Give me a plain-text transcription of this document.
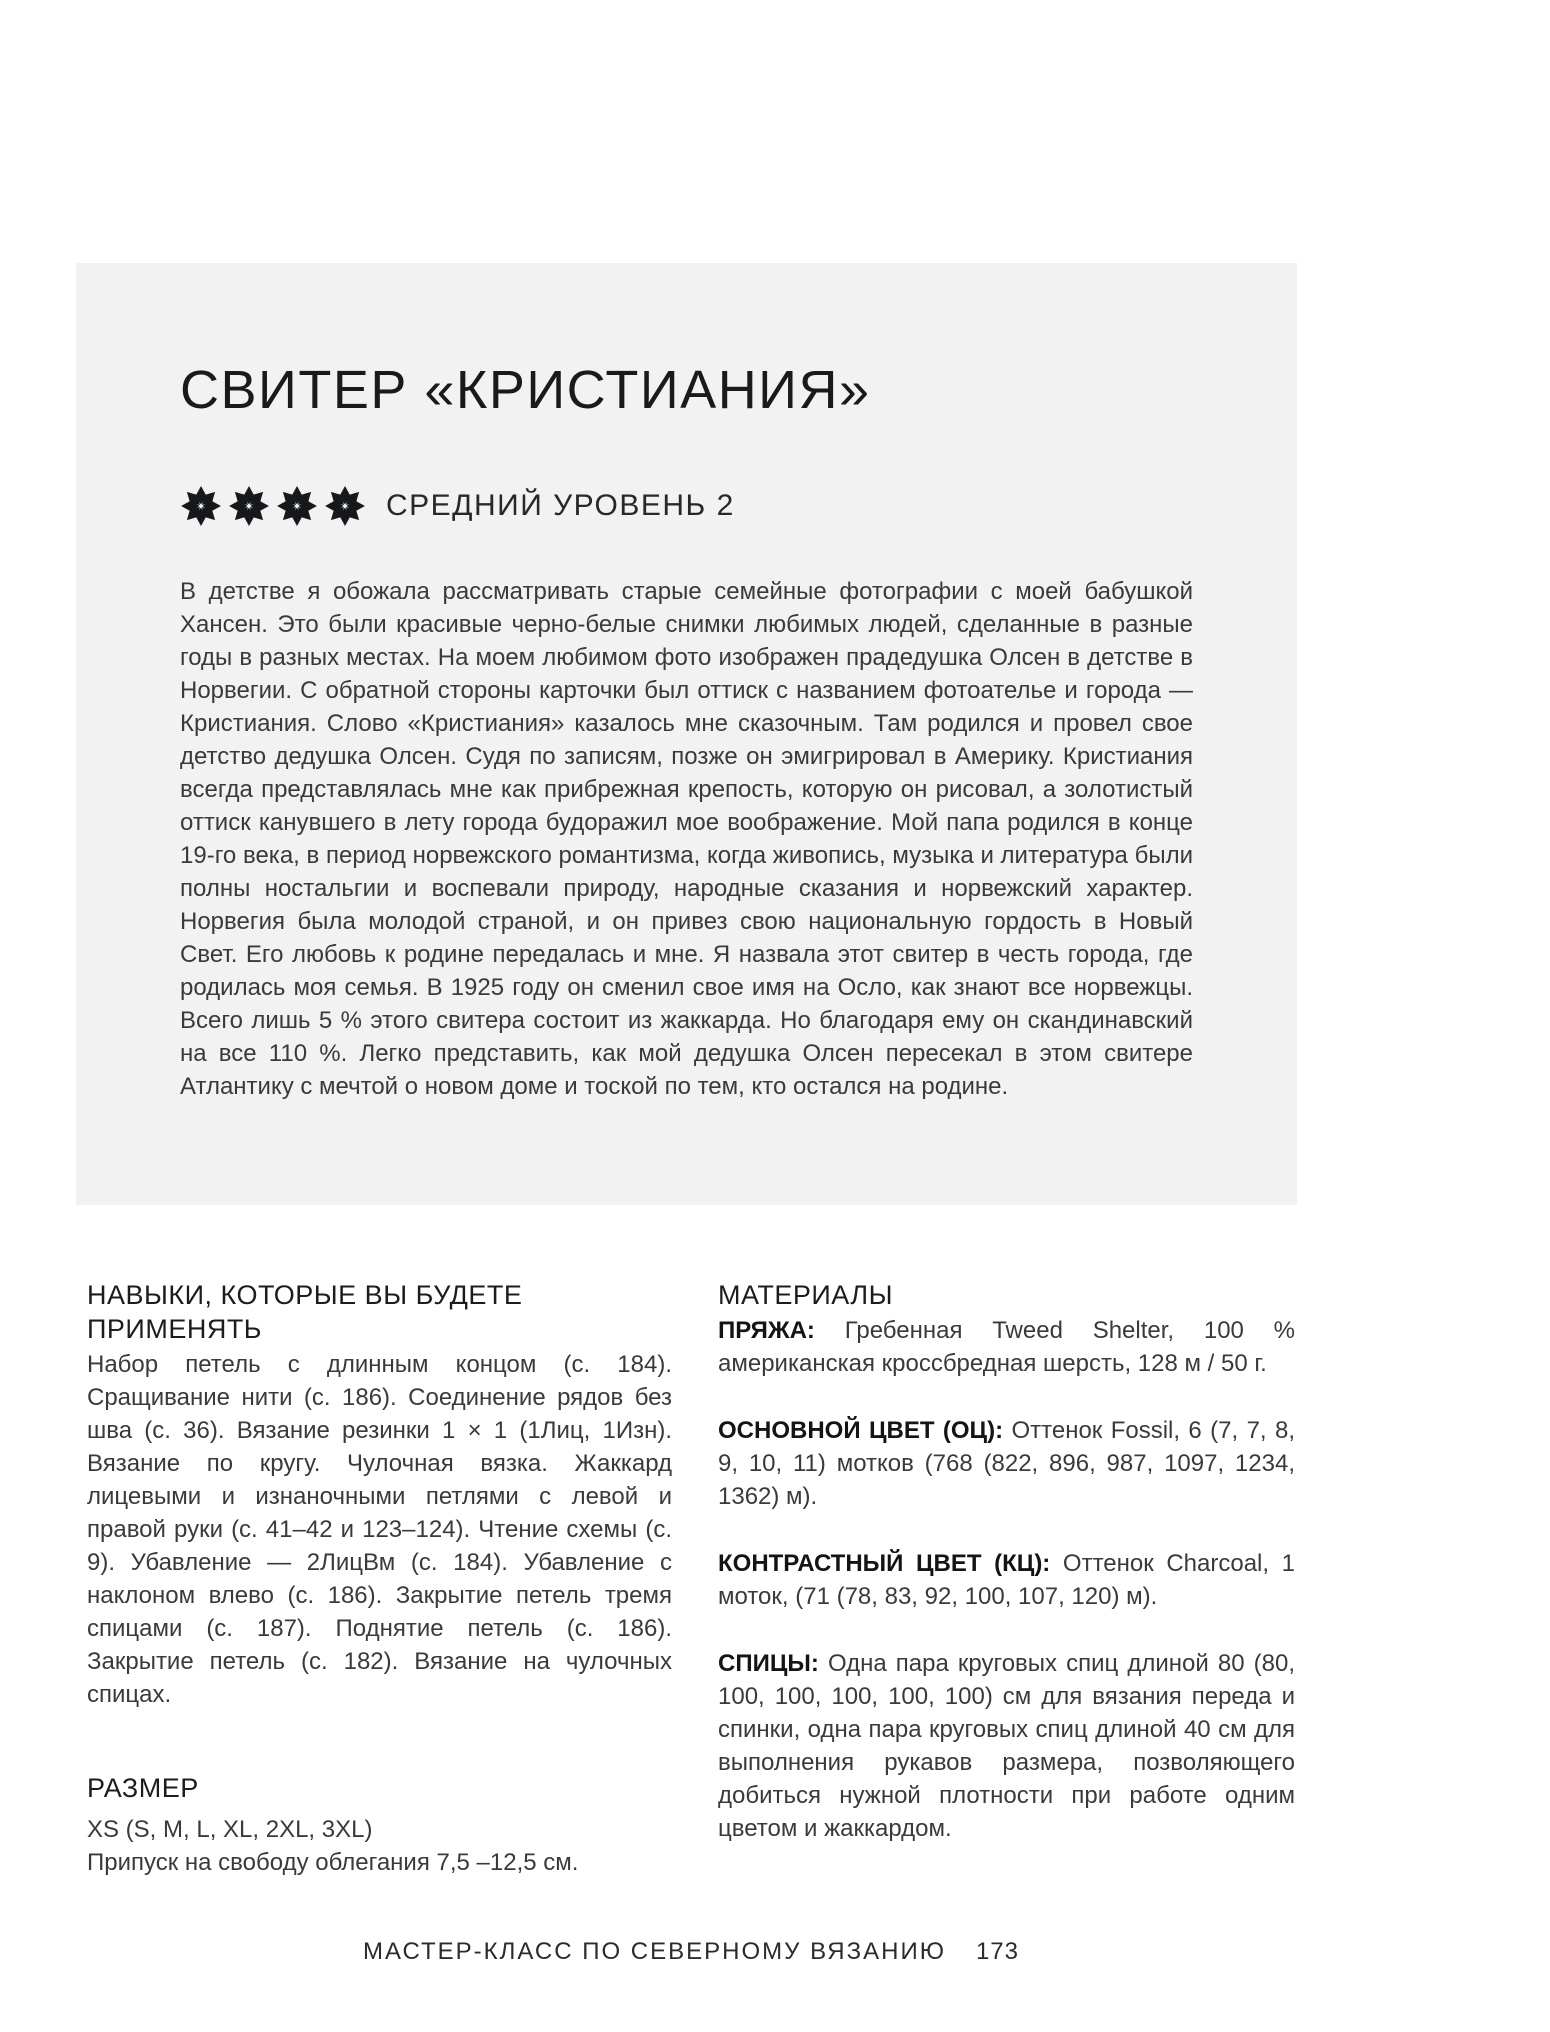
СВИТЕР «КРИСТИАНИЯ»
СРЕДНИЙ УРОВЕНЬ 2

В детстве я обожала рассматривать старые семейные фотографии с моей бабушкой Хансен. Это были красивые черно-белые снимки любимых людей, сделанные в разные годы в разных местах. На моем любимом фото изображен прадедушка Олсен в детстве в Норвегии. С обратной стороны карточки был оттиск с названием фотоателье и города — Кристиания. Слово «Кристиания» казалось мне сказочным. Там родился и провел свое детство дедушка Олсен. Судя по записям, позже он эмигрировал в Америку. Кристиания всегда представлялась мне как прибрежная крепость, которую он рисовал, а золотистый оттиск канувшего в лету города будоражил мое воображение. Мой папа родился в конце 19-го века, в период норвежского романтизма, когда живопись, музыка и литература были полны ностальгии и воспевали природу, народные сказания и норвежский характер. Норвегия была молодой страной, и он привез свою национальную гордость в Новый Свет. Его любовь к родине передалась и мне. Я назвала этот свитер в честь города, где родилась моя семья. В 1925 году он сменил свое имя на Осло, как знают все норвежцы. Всего лишь 5 % этого свитера состоит из жаккарда. Но благодаря ему он скандинавский на все 110 %. Легко представить, как мой дедушка Олсен пересекал в этом свитере Атлантику с мечтой о новом доме и тоской по тем, кто остался на родине.

НАВЫКИ, КОТОРЫЕ ВЫ БУДЕТЕ ПРИМЕНЯТЬ

Набор петель с длинным концом (с. 184). Сращивание нити (с. 186). Соединение рядов без шва (с. 36). Вязание резинки 1 × 1 (1Лиц, 1Изн). Вязание по кругу. Чулочная вязка. Жаккард лицевыми и изнаночными петлями с левой и правой руки (с. 41–42 и 123–124). Чтение схемы (с. 9). Убавление — 2ЛицВм (с. 184). Убавление с наклоном влево (с. 186). Закрытие петель тремя спицами (с. 187). Поднятие петель (с. 186). Закрытие петель (с. 182). Вязание на чулочных спицах.

РАЗМЕР

XS (S, M, L, XL, 2XL, 3XL)

Припуск на свободу облегания 7,5 –12,5 см.

МАТЕРИАЛЫ

ПРЯЖА: Гребенная Tweed Shelter, 100 % американская кроссбредная шерсть, 128 м / 50 г.

ОСНОВНОЙ ЦВЕТ (ОЦ): Оттенок Fossil, 6 (7, 7, 8, 9, 10, 11) мотков (768 (822, 896, 987, 1097, 1234, 1362) м).

КОНТРАСТНЫЙ ЦВЕТ (КЦ): Оттенок Charcoal, 1 моток, (71 (78, 83, 92, 100, 107, 120) м).

СПИЦЫ: Одна пара круговых спиц длиной 80 (80, 100, 100, 100, 100, 100) см для вязания переда и спинки, одна пара круговых спиц длиной 40 см для выполнения рукавов размера, позволяющего добиться нужной плотности при работе одним цветом и жаккардом.

МАСТЕР-КЛАСС ПО СЕВЕРНОМУ ВЯЗАНИЮ 173
